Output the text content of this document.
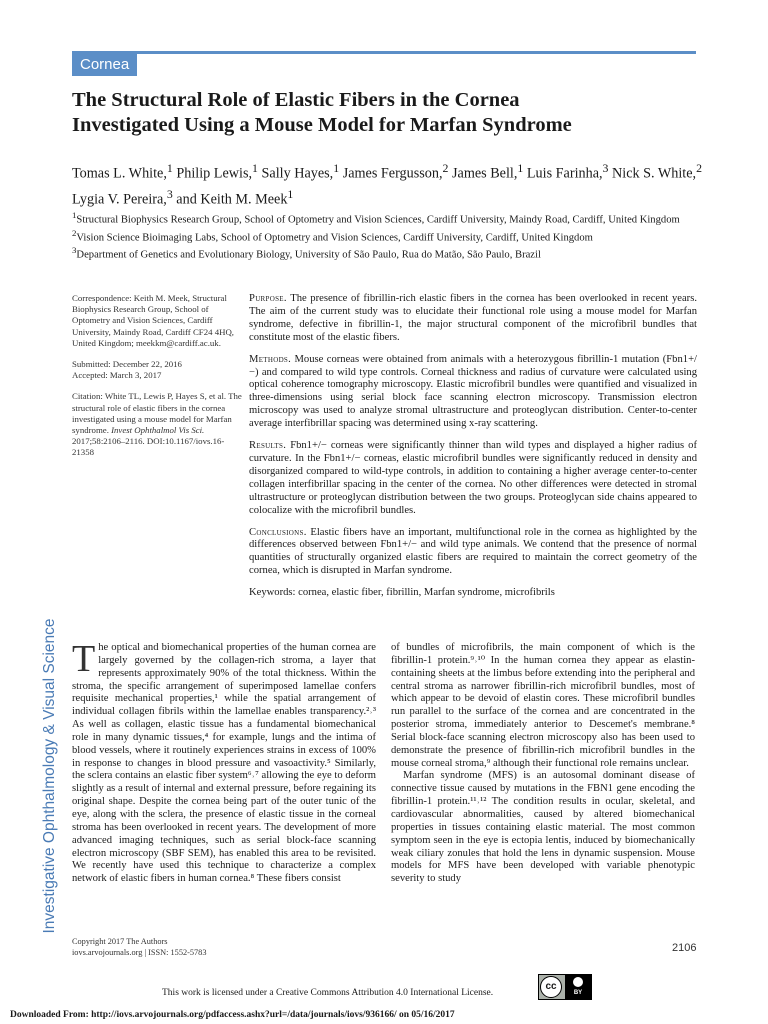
Cornea
The Structural Role of Elastic Fibers in the Cornea
Investigated Using a Mouse Model for Marfan Syndrome

Tomas L. White,$^1$ Philip Lewis,$^1$ Sally Hayes,$^1$ James Fergusson,$^2$ James Bell,$^1$ Luis Farinha,$^3$ Nick S. White,$^2$ Lygia V. Pereira,$^3$ and Keith M. Meek$^1$

$^1$Structural Biophysics Research Group, School of Optometry and Vision Sciences, Cardiff University, Maindy Road, Cardiff, United Kingdom
$^2$Vision Science Bioimaging Labs, School of Optometry and Vision Sciences, Cardiff University, Cardiff, United Kingdom
$^3$Department of Genetics and Evolutionary Biology, University of São Paulo, Rua do Matão, São Paulo, Brazil

Correspondence: Keith M. Meek, Structural Biophysics Research Group, School of Optometry and Vision Sciences, Cardiff University, Maindy Road, Cardiff CF24 4HQ, United Kingdom; meekkm@cardiff.ac.uk.

Submitted: December 22, 2016
Accepted: March 3, 2017

Citation: White TL, Lewis P, Hayes S, et al. The structural role of elastic fibers in the cornea investigated using a mouse model for Marfan syndrome. Invest Ophthalmol Vis Sci. 2017;58:2106–2116. DOI:10.1167/iovs.16-21358

Purpose. The presence of fibrillin-rich elastic fibers in the cornea has been overlooked in recent years. The aim of the current study was to elucidate their functional role using a mouse model for Marfan syndrome, defective in fibrillin-1, the major structural component of the microfibril bundles that constitute most of the elastic fibers.

Methods. Mouse corneas were obtained from animals with a heterozygous fibrillin-1 mutation (Fbn1+/−) and compared to wild type controls. Corneal thickness and radius of curvature were calculated using optical coherence tomography microscopy. Elastic microfibril bundles were quantified and visualized in three-dimensions using serial block face scanning electron microscopy. Transmission electron microscopy was used to analyze stromal ultrastructure and proteoglycan distribution. Center-to-center average interfibrillar spacing was determined using x-ray scattering.

Results. Fbn1+/− corneas were significantly thinner than wild types and displayed a higher radius of curvature. In the Fbn1+/− corneas, elastic microfibril bundles were significantly reduced in density and disorganized compared to wild-type controls, in addition to containing a higher average center-to-center collagen interfibrillar spacing in the center of the cornea. No other differences were detected in stromal ultrastructure or proteoglycan distribution between the two groups. Proteoglycan side chains appeared to colocalize with the microfibril bundles.

Conclusions. Elastic fibers have an important, multifunctional role in the cornea as highlighted by the differences observed between Fbn1+/− and wild type animals. We contend that the presence of normal quantities of structurally organized elastic fibers are required to maintain the correct geometry of the cornea, which is disrupted in Marfan syndrome.

Keywords: cornea, elastic fiber, fibrillin, Marfan syndrome, microfibrils

Investigative Ophthalmology & Visual Science The optical and biomechanical properties of the human cornea are largely governed by the collagen-rich stroma, a layer that represents approximately 90% of the total thickness. Within the stroma, the specific arrangement of superimposed lamellae confers requisite mechanical properties,¹ while the spatial arrangement of individual collagen fibrils within the lamellae enables transparency.²˒³ As well as collagen, elastic tissue has a fundamental biomechanical role in many dynamic tissues,⁴ for example, lungs and the intima of blood vessels, where it routinely experiences strains in excess of 100% in response to changes in blood pressure and vasoactivity.⁵ Similarly, the sclera contains an elastic fiber system⁶˒⁷ allowing the eye to deform slightly as a result of internal and external pressure, before regaining its original shape. Despite the cornea being part of the outer tunic of the eye, along with the sclera, the presence of elastic tissue in the corneal stroma has been overlooked in recent years. The development of more advanced imaging techniques, such as serial block-face scanning electron microscopy (SBF SEM), has enabled this area to be revisited. We recently have used this technique to characterize a complex network of elastic fibers in human cornea.⁸ These fibers consist

of bundles of microfibrils, the main component of which is the fibrillin-1 protein.⁹˒¹⁰ In the human cornea they appear as elastin-containing sheets at the limbus before extending into the peripheral and central stroma as narrower fibrillin-rich microfibril bundles, most of which appear to be devoid of elastin cores. These microfibril bundles run parallel to the surface of the cornea and are concentrated in the posterior stroma, immediately anterior to Descemet's membrane.⁸ Serial block-face scanning electron microscopy also has been used to demonstrate the presence of fibrillin-rich microfibril bundles in the mouse corneal stroma,⁹ although their functional role remains unclear.

Marfan syndrome (MFS) is an autosomal dominant disease of connective tissue caused by mutations in the FBN1 gene encoding the fibrillin-1 protein.¹¹˒¹² The condition results in ocular, skeletal, and cardiovascular abnormalities, caused by altered biomechanical properties in tissues containing elastic material. The most common symptom seen in the eye is ectopia lentis, induced by biomechanically weak ciliary zonules that hold the lens in dynamic suspension. Mouse models for MFS have been developed with variable phenotypic severity to study

Copyright 2017 The Authors
iovs.arvojournals.org | ISSN: 1552-5783	2106
This work is licensed under a Creative Commons Attribution 4.0 International License.
cc
BY
Downloaded From: http://iovs.arvojournals.org/pdfaccess.ashx?url=/data/journals/iovs/936166/ on 05/16/2017
